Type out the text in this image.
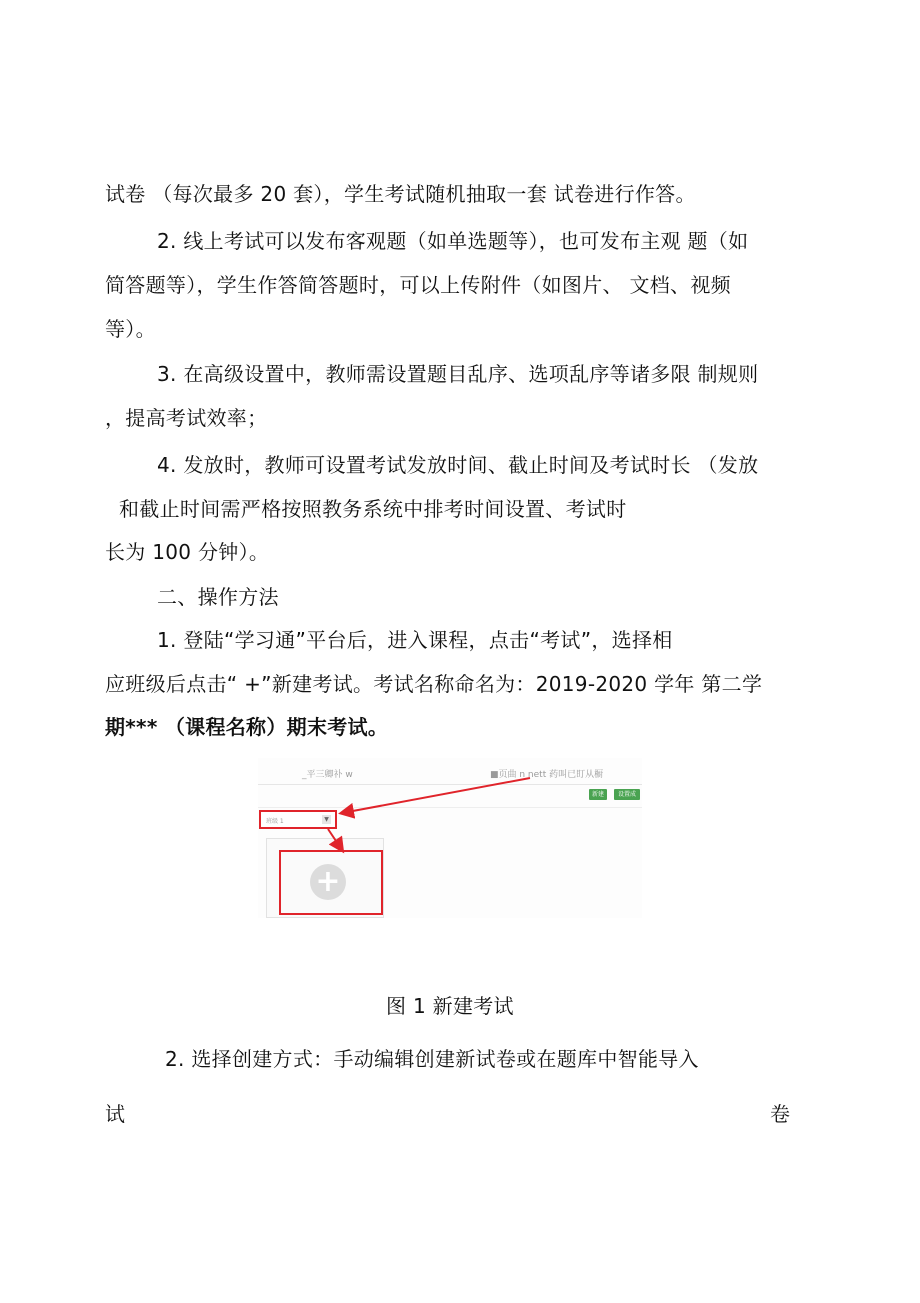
试卷 （每次最多 20 套），学生考试随机抽取一套 试卷进行作答。
2. 线上考试可以发布客观题（如单选题等），也可发布主观 题（如
简答题等），学生作答简答题时，可以上传附件（如图片、 文档、视频
等）。
3. 在高级设置中，教师需设置题目乱序、选项乱序等诸多限 制规则
，提高考试效率；
4. 发放时，教师可设置考试发放时间、截止时间及考试时长 （发放
和截止时间需严格按照教务系统中排考时间设置、考试时
长为 100 分钟）。
二、操作方法
1. 登陆“学习通”平台后，进入课程，点击“考试”，选择相
应班级后点击“ +”新建考试。考试名称命名为：2019-2020 学年 第二学
期*** （课程名称）期末考试。
_平三卿䃼 w	■页曲 n nett 药叫已盯从橱
新建	设置成
班级 1	▼
+
图 1 新建考试
2. 选择创建方式：手动编辑创建新试卷或在题库中智能导入
试	卷
